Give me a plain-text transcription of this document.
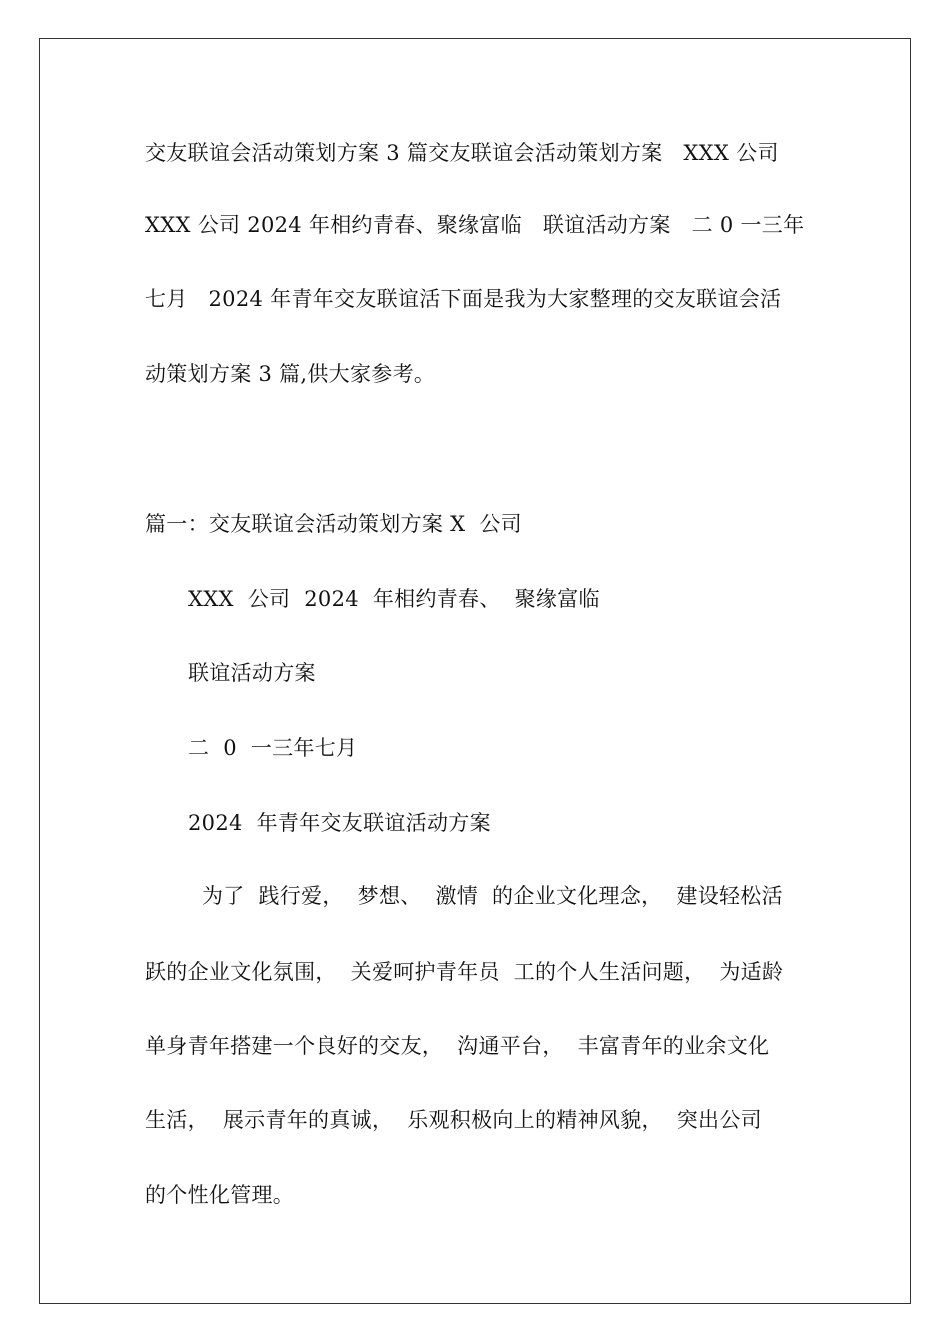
交友联谊会活动策划方案 3 篇交友联谊会活动策划方案   XXX 公司
XXX 公司 2024 年相约青春、聚缘富临   联谊活动方案   二 0 一三年
七月   2024 年青年交友联谊活下面是我为大家整理的交友联谊会活
动策划方案 3 篇,供大家参考。
篇一：交友联谊会活动策划方案 X  公司
XXX  公司  2024  年相约青春、  聚缘富临
联谊活动方案
二  0  一三年七月
2024  年青年交友联谊活动方案
为了  践行爱，  梦想、  激情  的企业文化理念，  建设轻松活
跃的企业文化氛围，  关爱呵护青年员  工的个人生活问题，  为适龄
单身青年搭建一个良好的交友，  沟通平台，  丰富青年的业余文化
生活，  展示青年的真诚，  乐观积极向上的精神风貌，  突出公司
的个性化管理。
